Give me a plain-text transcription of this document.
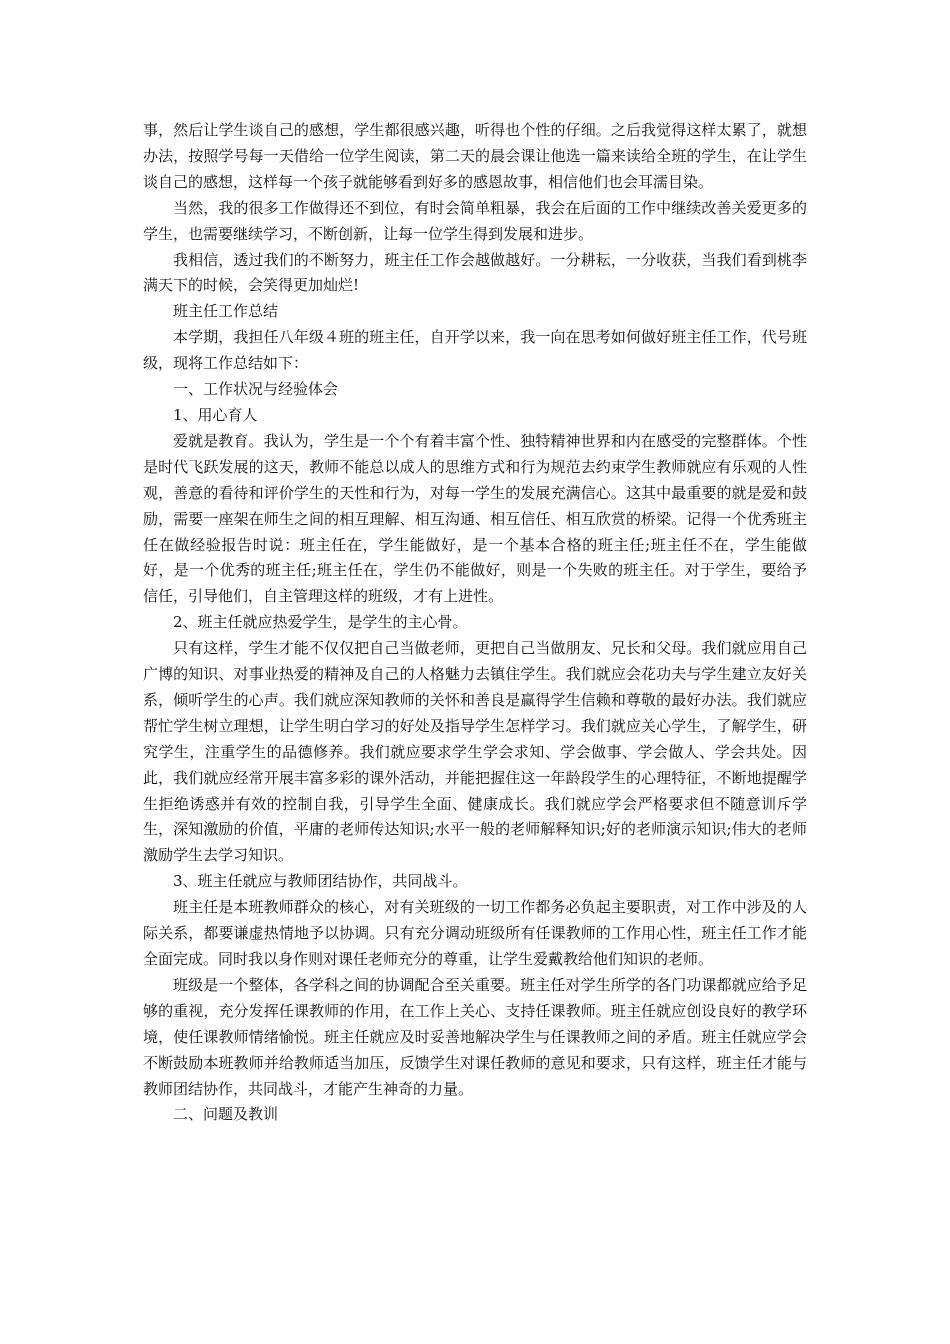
事，然后让学生谈自己的感想，学生都很感兴趣，听得也个性的仔细。之后我觉得这样太累了，就想办法，按照学号每一天借给一位学生阅读，第二天的晨会课让他选一篇来读给全班的学生，在让学生谈自己的感想，这样每一个孩子就能够看到好多的感恩故事，相信他们也会耳濡目染。

当然，我的很多工作做得还不到位，有时会简单粗暴，我会在后面的工作中继续改善关爱更多的学生，也需要继续学习，不断创新，让每一位学生得到发展和进步。

我相信，透过我们的不断努力，班主任工作会越做越好。一分耕耘，一分收获，当我们看到桃李满天下的时候，会笑得更加灿烂!

班主任工作总结

本学期，我担任八年级４班的班主任，自开学以来，我一向在思考如何做好班主任工作，代号班级，现将工作总结如下：

一、工作状况与经验体会

1、用心育人

爱就是教育。我认为，学生是一个个有着丰富个性、独特精神世界和内在感受的完整群体。个性是时代飞跃发展的这天，教师不能总以成人的思维方式和行为规范去约束学生教师就应有乐观的人性观，善意的看待和评价学生的天性和行为，对每一学生的发展充满信心。这其中最重要的就是爱和鼓励，需要一座架在师生之间的相互理解、相互沟通、相互信任、相互欣赏的桥梁。记得一个优秀班主任在做经验报告时说：班主任在，学生能做好，是一个基本合格的班主任;班主任不在，学生能做好，是一个优秀的班主任;班主任在，学生仍不能做好，则是一个失败的班主任。对于学生，要给予信任，引导他们，自主管理这样的班级，才有上进性。

2、班主任就应热爱学生，是学生的主心骨。

只有这样，学生才能不仅仅把自己当做老师，更把自己当做朋友、兄长和父母。我们就应用自己广博的知识、对事业热爱的精神及自己的人格魅力去镇住学生。我们就应会花功夫与学生建立友好关系，倾听学生的心声。我们就应深知教师的关怀和善良是赢得学生信赖和尊敬的最好办法。我们就应帮忙学生树立理想，让学生明白学习的好处及指导学生怎样学习。我们就应关心学生，了解学生，研究学生，注重学生的品德修养。我们就应要求学生学会求知、学会做事、学会做人、学会共处。因此，我们就应经常开展丰富多彩的课外活动，并能把握住这一年龄段学生的心理特征，不断地提醒学生拒绝诱惑并有效的控制自我，引导学生全面、健康成长。我们就应学会严格要求但不随意训斥学生，深知激励的价值，平庸的老师传达知识;水平一般的老师解释知识;好的老师演示知识;伟大的老师激励学生去学习知识。

3、班主任就应与教师团结协作，共同战斗。

班主任是本班教师群众的核心，对有关班级的一切工作都务必负起主要职责，对工作中涉及的人际关系，都要谦虚热情地予以协调。只有充分调动班级所有任课教师的工作用心性，班主任工作才能全面完成。同时我以身作则对课任老师充分的尊重，让学生爱戴教给他们知识的老师。

班级是一个整体，各学科之间的协调配合至关重要。班主任对学生所学的各门功课都就应给予足够的重视，充分发挥任课教师的作用，在工作上关心、支持任课教师。班主任就应创设良好的教学环境，使任课教师情绪愉悦。班主任就应及时妥善地解决学生与任课教师之间的矛盾。班主任就应学会不断鼓励本班教师并给教师适当加压，反馈学生对课任教师的意见和要求，只有这样，班主任才能与教师团结协作，共同战斗，才能产生神奇的力量。

二、问题及教训
